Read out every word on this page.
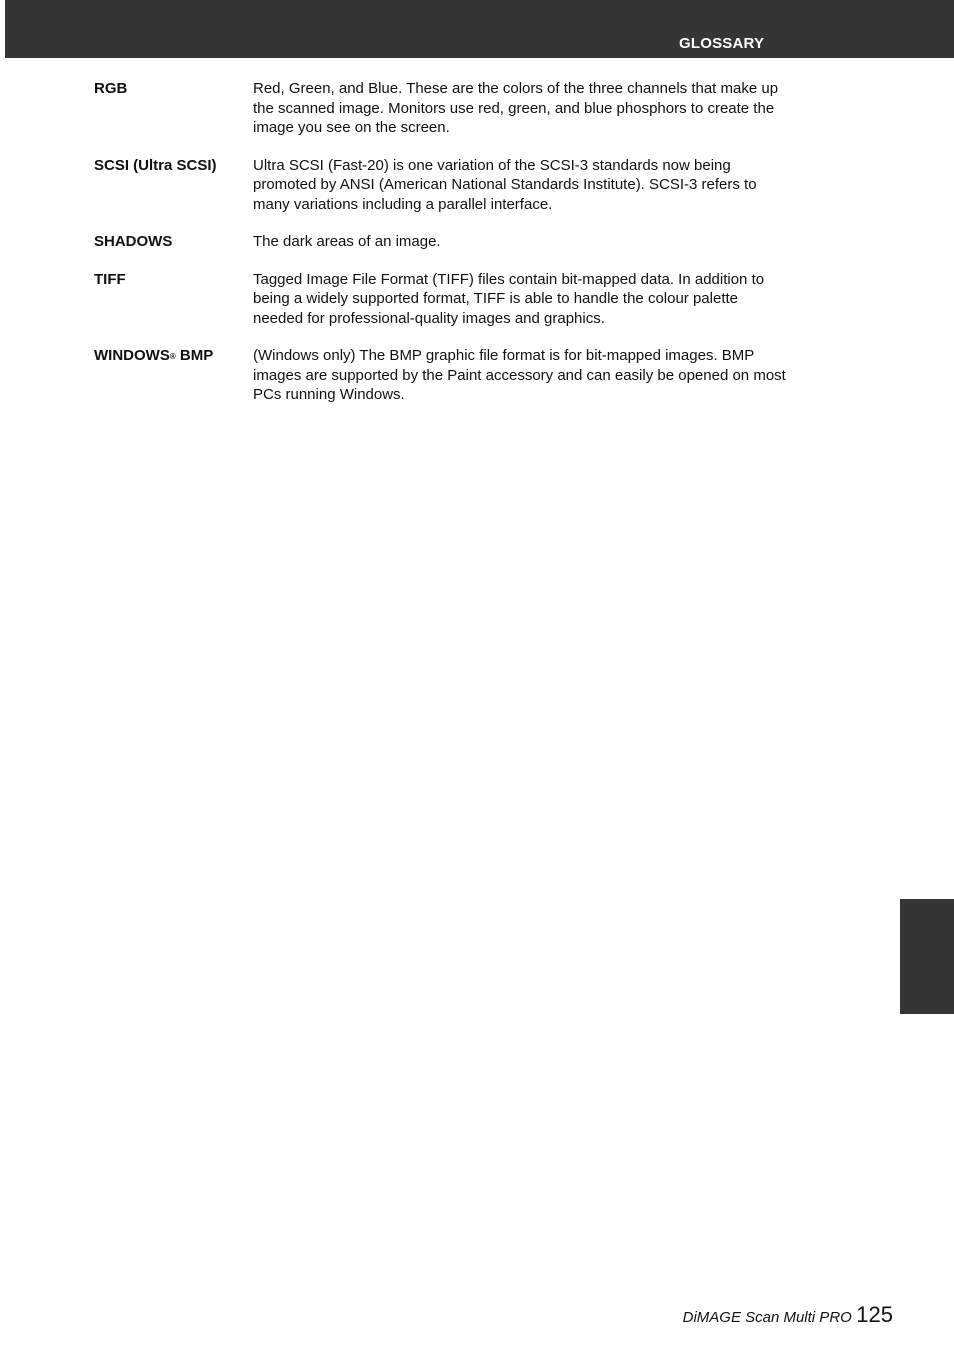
GLOSSARY
RGB	Red, Green, and Blue. These are the colors of the three channels that make up the scanned image. Monitors use red, green, and blue phosphors to create the image you see on the screen.
SCSI (Ultra SCSI)	Ultra SCSI (Fast-20) is one variation of the SCSI-3 standards now being promoted by ANSI (American National Standards Institute). SCSI-3 refers to many variations including a parallel interface.
SHADOWS	The dark areas of an image.
TIFF	Tagged Image File Format (TIFF) files contain bit-mapped data. In addition to being a widely supported format, TIFF is able to handle the colour palette needed for professional-quality images and graphics.
WINDOWS® BMP	(Windows only) The BMP graphic file format is for bit-mapped images. BMP images are supported by the Paint accessory and can easily be opened on most PCs running Windows.
DiMAGE Scan Multi PRO 125
